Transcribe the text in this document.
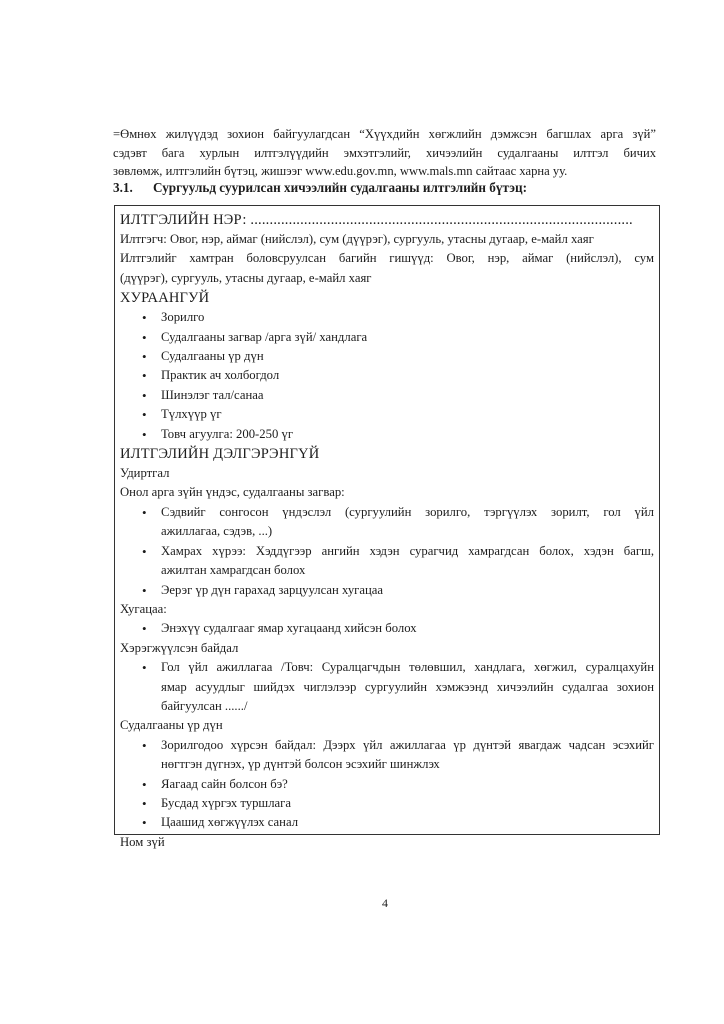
=Өмнөх жилүүдэд зохион байгуулагдсан “Хүүхдийн хөгжлийн дэмжсэн багшлах арга зүй”
сэдэвт бага хурлын илтгэлүүдийн эмхэтгэлийг, хичээлийн судалгааны илтгэл бичих
зөвлөмж, илтгэлийн бүтэц, жишээг www.edu.gov.mn, www.mals.mn сайтаас харна уу.
3.1. Сургуульд суурилсан хичээлийн судалгааны илтгэлийн бүтэц:
ИЛТГЭЛИЙН НЭР: ....................................................................................................
Илтгэгч: Овог, нэр, аймаг (нийслэл), сум (дүүрэг), сургууль, утасны дугаар, е-майл хаяг
Илтгэлийг хамтран боловсруулсан багийн гишүүд: Овог, нэр, аймаг (нийслэл), сум
(дүүрэг), сургууль, утасны дугаар, е-майл хаяг
ХУРААНГУЙ
• Зорилго
• Судалгааны загвар /арга зүй/ хандлага
• Судалгааны үр дүн
• Практик ач холбогдол
• Шинэлэг тал/санаа
• Түлхүүр үг
• Товч агуулга: 200-250 үг
ИЛТГЭЛИЙН ДЭЛГЭРЭНГҮЙ
Удиртгал
Онол арга зүйн үндэс, судалгааны загвар:
• Сэдвийг сонгосон үндэслэл (сургуулийн зорилго, тэргүүлэх зорилт, гол үйл
ажиллагаа, сэдэв, ...)
• Хамрах хүрээ: Хэддүгээр ангийн хэдэн сурагчид хамрагдсан болох, хэдэн багш,
ажилтан хамрагдсан болох
• Эерэг үр дүн гарахад зарцуулсан хугацаа
Хугацаа:
• Энэхүү судалгааг ямар хугацаанд хийсэн болох
Хэрэгжүүлсэн байдал
• Гол үйл ажиллагаа /Товч: Суралцагчдын төлөвшил, хандлага, хөгжил, суралцахуйн
ямар асуудлыг шийдэх чиглэлээр сургуулийн хэмжээнд хичээлийн судалгаа зохион
байгуулсан ....../
Судалгааны үр дүн
• Зорилгодоо хүрсэн байдал: Дээрх үйл ажиллагаа үр дүнтэй явагдаж чадсан эсэхийг
нөгтгэн дүгнэх, үр дүнтэй болсон эсэхийг шинжлэх
• Яагаад сайн болсон бэ?
• Бусдад хүргэх туршлага
• Цаашид хөгжүүлэх санал
Ном зүй
4
